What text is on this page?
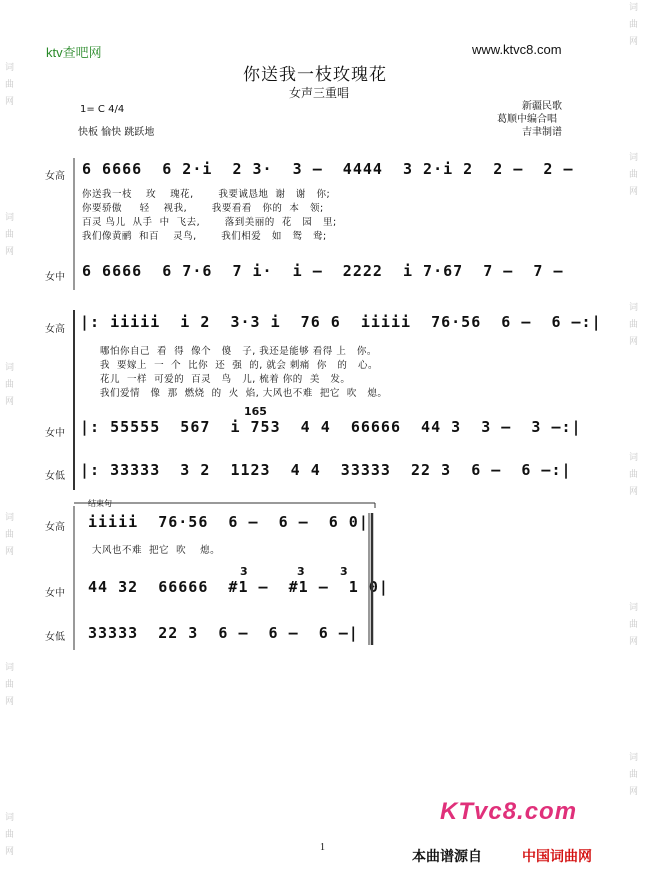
词曲网
词曲网
词曲网
词曲网
词曲网
词曲网
词曲网
词曲网
词曲网
词曲网
词曲网
词曲网
ktv查吧网	www.ktvc8.com
你送我一枝玫瑰花
女声三重唱
1= C 4/4
快板 愉快 跳跃地
新疆民歌
葛顺中编合唱
吉聿制谱
女高 6 6666  6 2·i  2 3·  3 –  4444  3 2·i 2  2 –  2 –
你送我一枝    玫    瑰花,       我要诚恳地  谢   谢   你;
你要骄傲     轻    视我,       我要看看   你的  本   领;
百灵 鸟儿  从手  中  飞去,       落到美丽的  花   园   里;
我们像黄鹂  和百    灵鸟,       我们相爱   如   鸳   鸯;
女中 6 6666  6 7·6  7 i·  i –  2222  i 7·67  7 –  7 –
女高 |: iiiii  i 2  3·3 i  76 6  iiiii  76·56  6 –  6 –:|
哪怕你自己  看  得  像个   傻   子, 我还是能够 看得 上   你。
我  要嫁上  一  个  比你  还  强  的, 就会 刺痛  你   的   心。
花儿  一样  可爱的  百灵   鸟   儿, 梳着 你的  美   发。
我们爱情   像  那  燃烧  的  火  焰, 大风也不难  把它  吹   熄。
165
女中 |: 55555  567  i 753  4 4  66666  44 3  3 –  3 –:|
女低 |: 33333  3 2  1123  4 4  33333  22 3  6 –  6 –:|
结束句
女高 iiiii  76·56  6 –  6 –  6 0|
大风也不难  把它  吹    熄。
3	3	3
女中 44 32  66666  #1 –  #1 –  1 0|
女低 33333  22 3  6 –  6 –  6 –|
1
KTvc8.com
本曲谱源自	中国词曲网
